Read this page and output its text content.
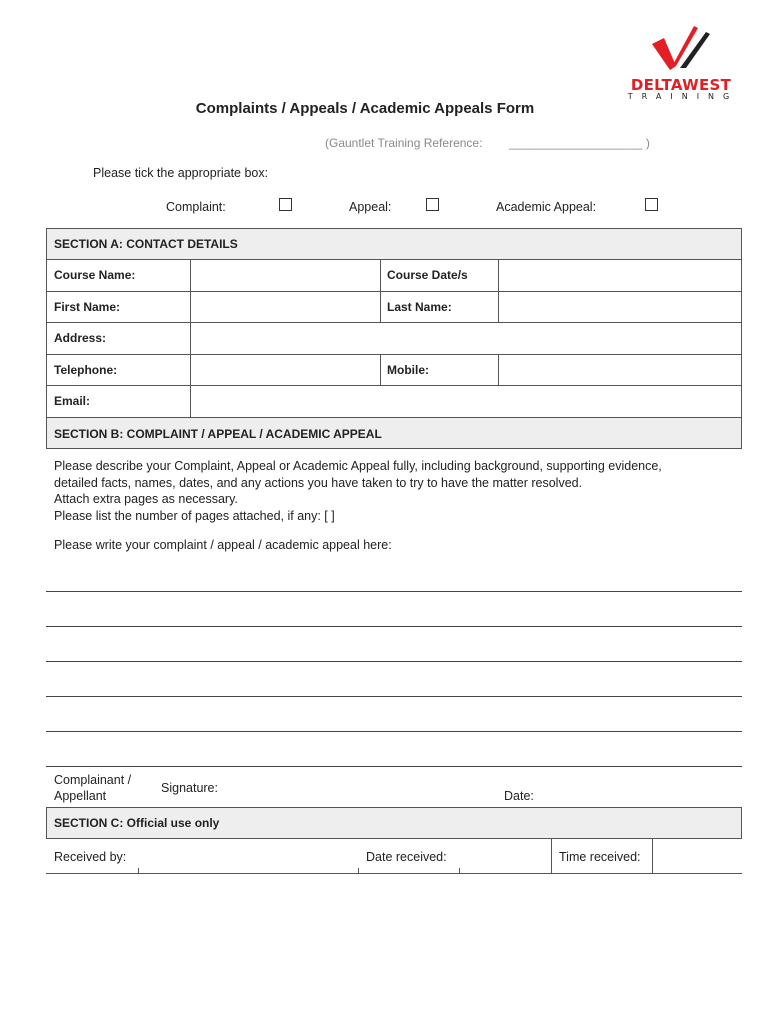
DELTAWEST
TRAINING
Complaints / Appeals / Academic Appeals Form
(Gauntlet Training Reference:        ____________________ )
Please tick the appropriate box:
Complaint:	Appeal:	Academic Appeal:
SECTION A: CONTACT DETAILS
Course Name:	Course Date/s
First Name:	Last Name:
Address:
Telephone:	Mobile:
Email:
SECTION B: COMPLAINT / APPEAL / ACADEMIC APPEAL
Please describe your Complaint, Appeal or Academic Appeal fully, including background, supporting evidence,
detailed facts, names, dates, and any actions you have taken to try to have the matter resolved.
Attach extra pages as necessary.
Please list the number of pages attached, if any: [ ]
Please write your complaint / appeal / academic appeal here:
Complainant /
Appellant
Signature:
Date:
SECTION C: Official use only
Received by:	Date received:	Time received:
